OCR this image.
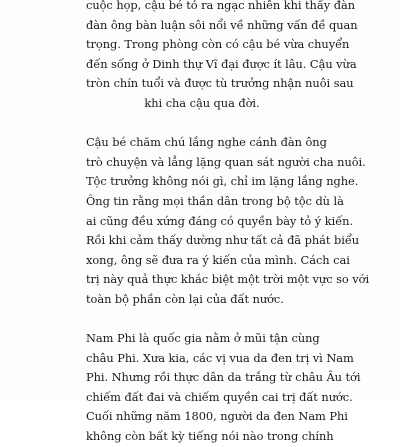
cuộc họp, cậu bé tỏ ra ngạc nhiên khi thấy đàn
đàn ông bàn luận sôi nổi về những vấn đề quan
trọng. Trong phòng còn có cậu bé vừa chuyển
đến sống ở Dinh thự Vĩ đại được ít lâu. Cậu vừa
tròn chín tuổi và được tù trưởng nhận nuôi sau
khi cha cậu qua đời.

Cậu bé chăm chú lắng nghe cánh đàn ông
trò chuyện và lẳng lặng quan sát người cha nuôi.
Tộc trưởng không nói gì, chỉ im lặng lắng nghe.
Ông tin rằng mọi thần dân trong bộ tộc dù là
ai cũng đều xứng đáng có quyền bày tỏ ý kiến.
Rồi khi cảm thấy dường như tất cả đã phát biểu
xong, ông sẽ đưa ra ý kiến của mình. Cách cai
trị này quả thực khác biệt một trời một vực so với
toàn bộ phần còn lại của đất nước.

Nam Phi là quốc gia nằm ở mũi tận cùng
châu Phi. Xưa kia, các vị vua da đen trị vì Nam
Phi. Nhưng rồi thực dân da trắng từ châu Âu tới
chiếm đất đai và chiếm quyền cai trị đất nước.
Cuối những năm 1800, người da đen Nam Phi
không còn bất kỳ tiếng nói nào trong chính
